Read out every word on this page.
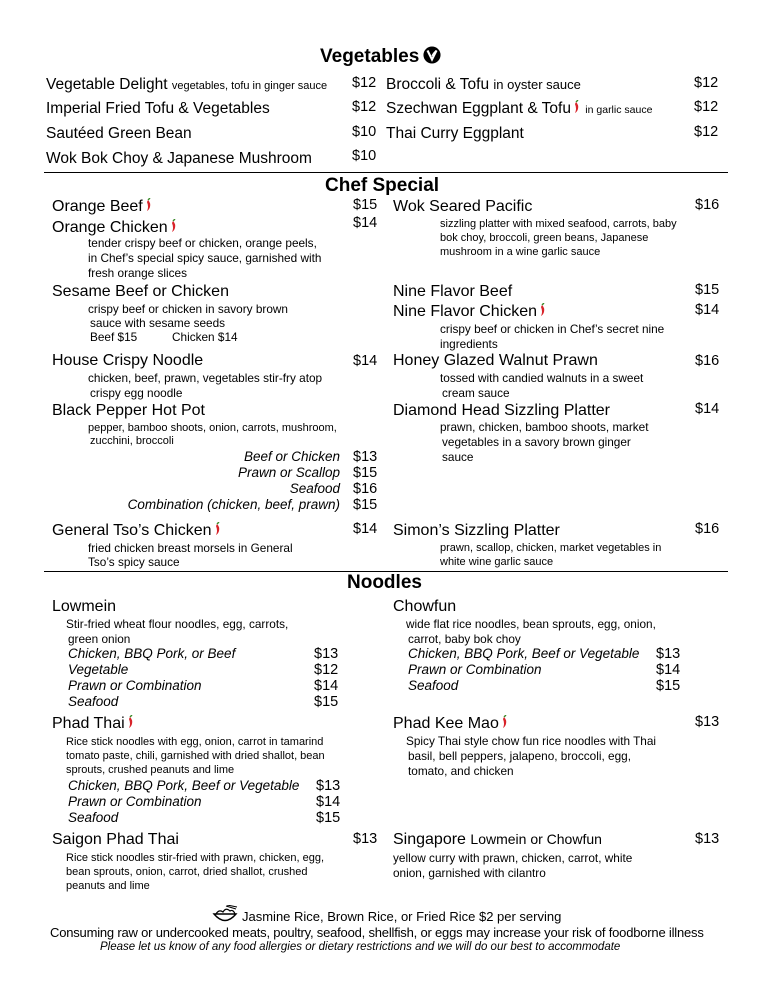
Vegetables
Vegetable Delight vegetables, tofu in ginger sauce $12
Imperial Fried Tofu & Vegetables	$12
Sautéed Green Bean	$10
Wok Bok Choy & Japanese Mushroom	$10
Broccoli & Tofu in oyster sauce	$12
Szechwan Eggplant & Tofu in garlic sauce	$12
Thai Curry Eggplant	$12
Chef Special
Orange Beef	$15
Orange Chicken	$14
tender crispy beef or chicken, orange peels,
in Chef’s special spicy sauce, garnished with
fresh orange slices
Sesame Beef or Chicken
crispy beef or chicken in savory brown
sauce with sesame seeds
Beef $15	Chicken $14
House Crispy Noodle	$14
chicken, beef, prawn, vegetables stir-fry atop
crispy egg noodle
Black Pepper Hot Pot
pepper, bamboo shoots, onion, carrots, mushroom,
zucchini, broccoli
Beef or Chicken $13
Prawn or Scallop $15
Seafood $16
Combination (chicken, beef, prawn) $15
General Tso’s Chicken	$14
fried chicken breast morsels in General
Tso’s spicy sauce
Wok Seared Pacific	$16
sizzling platter with mixed seafood, carrots, baby
bok choy, broccoli, green beans, Japanese
mushroom in a wine garlic sauce
Nine Flavor Beef	$15
Nine Flavor Chicken	$14
crispy beef or chicken in Chef’s secret nine
ingredients
Honey Glazed Walnut Prawn	$16
tossed with candied walnuts in a sweet
cream sauce
Diamond Head Sizzling Platter	$14
prawn, chicken, bamboo shoots, market
vegetables in a savory brown ginger
sauce
Simon’s Sizzling Platter	$16
prawn, scallop, chicken, market vegetables in
white wine garlic sauce
Noodles
Lowmein
Stir-fried wheat flour noodles, egg, carrots,
green onion
Chicken, BBQ Pork, or Beef	$13
Vegetable	$12
Prawn or Combination	$14
Seafood	$15
Phad Thai
Rice stick noodles with egg, onion, carrot in tamarind
tomato paste, chili, garnished with dried shallot, bean
sprouts, crushed peanuts and lime
Chicken, BBQ Pork, Beef or Vegetable $13
Prawn or Combination	$14
Seafood	$15
Saigon Phad Thai	$13
Rice stick noodles stir-fried with prawn, chicken, egg,
bean sprouts, onion, carrot, dried shallot, crushed
peanuts and lime
Chowfun
wide flat rice noodles, bean sprouts, egg, onion,
carrot, baby bok choy
Chicken, BBQ Pork, Beef or Vegetable $13
Prawn or Combination	$14
Seafood	$15
Phad Kee Mao	$13
Spicy Thai style chow fun rice noodles with Thai
basil, bell peppers, jalapeno, broccoli, egg,
tomato, and chicken
Singapore Lowmein or Chowfun	$13
yellow curry with prawn, chicken, carrot, white
onion, garnished with cilantro
Jasmine Rice, Brown Rice, or Fried Rice $2 per serving
Consuming raw or undercooked meats, poultry, seafood, shellfish, or eggs may increase your risk of foodborne illness
Please let us know of any food allergies or dietary restrictions and we will do our best to accommodate
